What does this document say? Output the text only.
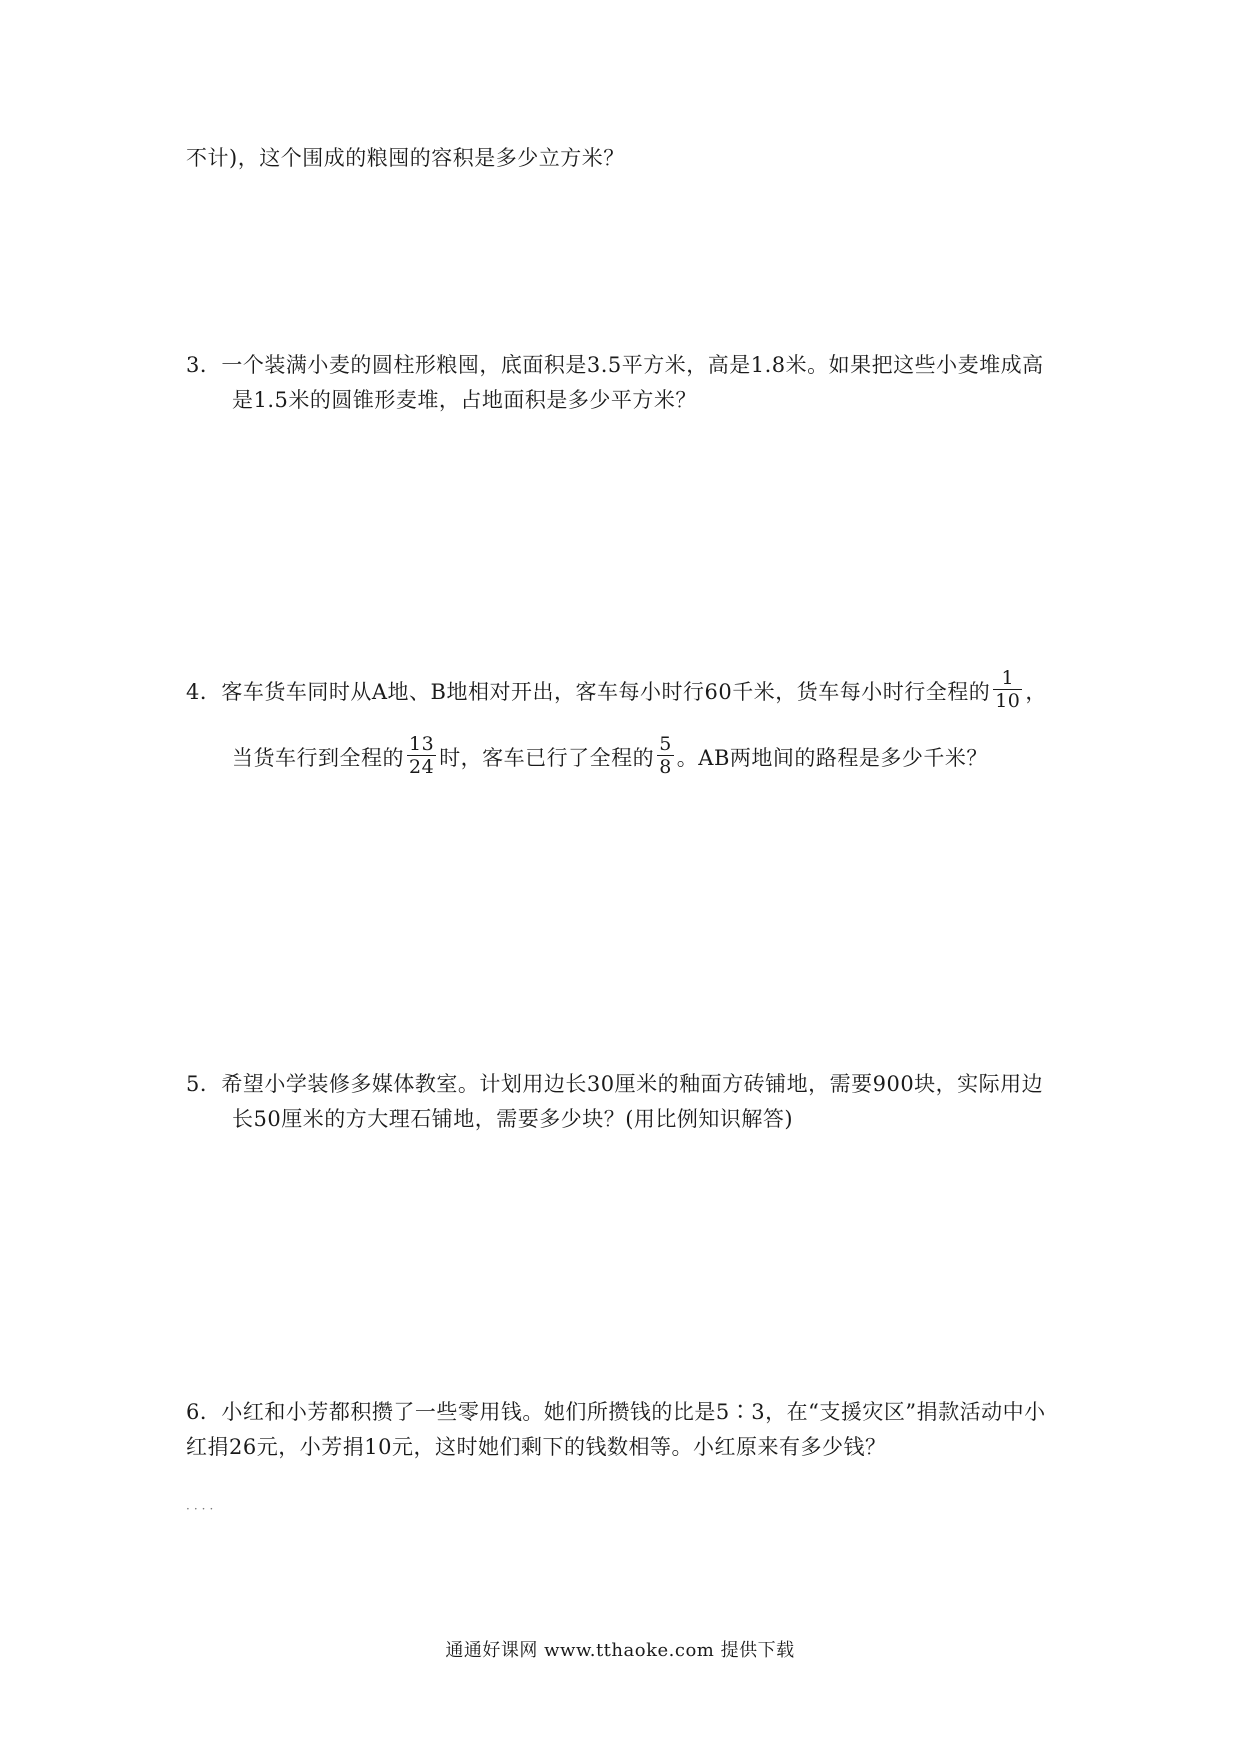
不计)，这个围成的粮囤的容积是多少立方米？
3．一个装满小麦的圆柱形粮囤，底面积是3.5平方米，高是1.8米。如果把这些小麦堆成高
是1.5米的圆锥形麦堆，占地面积是多少平方米？
4．客车货车同时从A地、B地相对开出，客车每小时行60千米，货车每小时行全程的 $\frac{1}{10}$ ，
当货车行到全程的 $\frac{13}{24}$ 时，客车已行了全程的 $\frac{5}{8}$ 。AB两地间的路程是多少千米？
5．希望小学装修多媒体教室。计划用边长30厘米的釉面方砖铺地，需要900块，实际用边
长50厘米的方大理石铺地，需要多少块？(用比例知识解答)
6．小红和小芳都积攒了一些零用钱。她们所攒钱的比是5∶3，在“支援灾区”捐款活动中小
红捐26元，小芳捐10元，这时她们剩下的钱数相等。小红原来有多少钱？
····
通通好课网 www.tthaoke.com 提供下载
